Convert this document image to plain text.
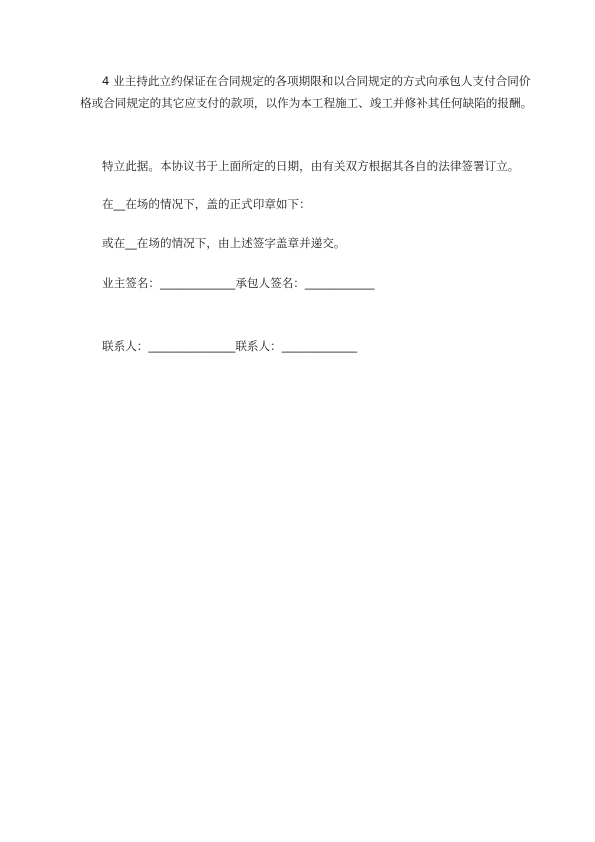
4 业主持此立约保证在合同规定的各项期限和以合同规定的方式向承包人支付合同价格或合同规定的其它应支付的款项，以作为本工程施工、竣工并修补其任何缺陷的报酬。

特立此据。本协议书于上面所定的日期，由有关双方根据其各自的法律签署订立。

在__在场的情况下，盖的正式印章如下：

或在__在场的情况下，由上述签字盖章并递交。

业主签名：_____________承包人签名：____________

联系人：_______________联系人：_____________
